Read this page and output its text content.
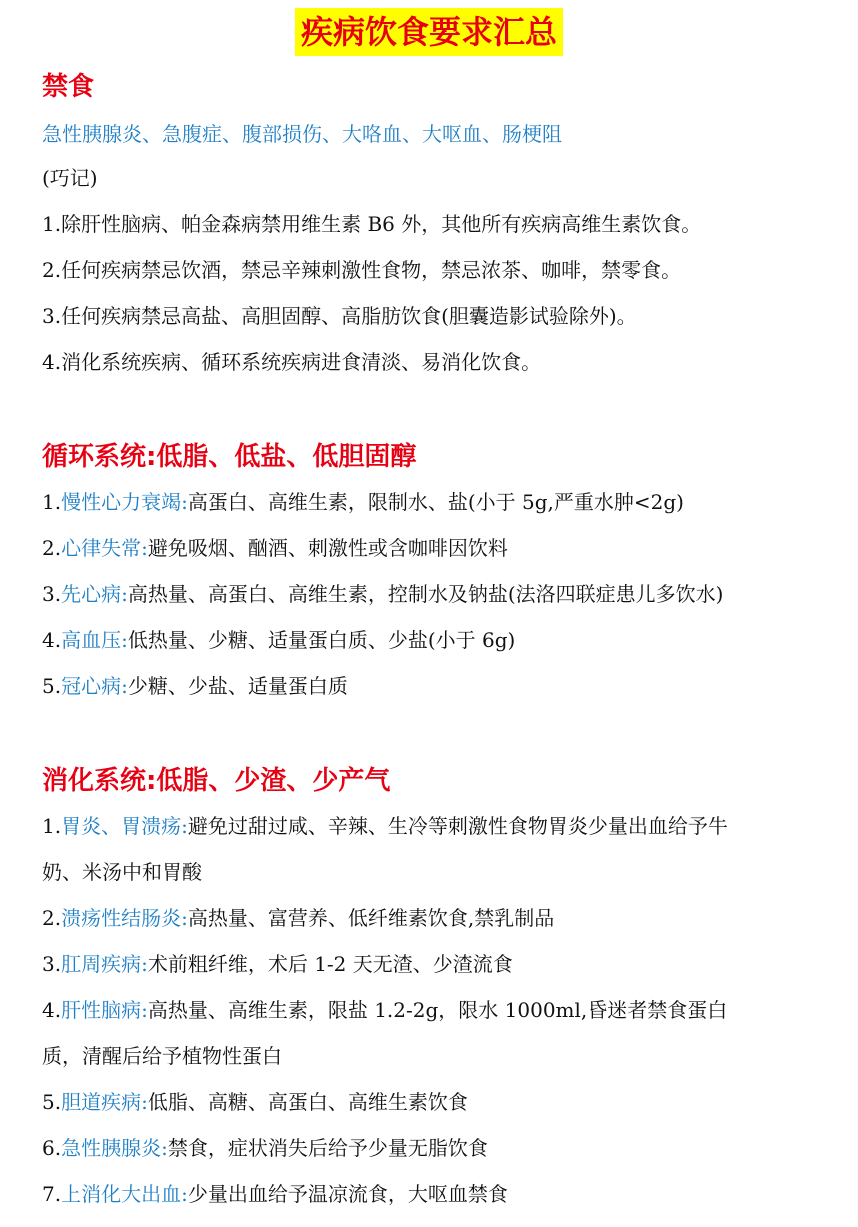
疾病饮食要求汇总
禁食
急性胰腺炎、急腹症、腹部损伤、大咯血、大呕血、肠梗阻
(巧记)
1.除肝性脑病、帕金森病禁用维生素 B6 外，其他所有疾病高维生素饮食。
2.任何疾病禁忌饮酒，禁忌辛辣刺激性食物，禁忌浓茶、咖啡，禁零食。
3.任何疾病禁忌高盐、高胆固醇、高脂肪饮食(胆囊造影试验除外)。
4.消化系统疾病、循环系统疾病进食清淡、易消化饮食。
循环系统:低脂、低盐、低胆固醇
1.慢性心力衰竭:高蛋白、高维生素，限制水、盐(小于 5g,严重水肿<2g)
2.心律失常:避免吸烟、酗酒、刺激性或含咖啡因饮料
3.先心病:高热量、高蛋白、高维生素，控制水及钠盐(法洛四联症患儿多饮水)
4.高血压:低热量、少糖、适量蛋白质、少盐(小于 6g)
5.冠心病:少糖、少盐、适量蛋白质
消化系统:低脂、少渣、少产气
1.胃炎、胃溃疡:避免过甜过咸、辛辣、生冷等刺激性食物胃炎少量出血给予牛
奶、米汤中和胃酸
2.溃疡性结肠炎:高热量、富营养、低纤维素饮食,禁乳制品
3.肛周疾病:术前粗纤维，术后 1-2 天无渣、少渣流食
4.肝性脑病:高热量、高维生素，限盐 1.2-2g，限水 1000ml,昏迷者禁食蛋白
质，清醒后给予植物性蛋白
5.胆道疾病:低脂、高糖、高蛋白、高维生素饮食
6.急性胰腺炎:禁食，症状消失后给予少量无脂饮食
7.上消化大出血:少量出血给予温凉流食，大呕血禁食
